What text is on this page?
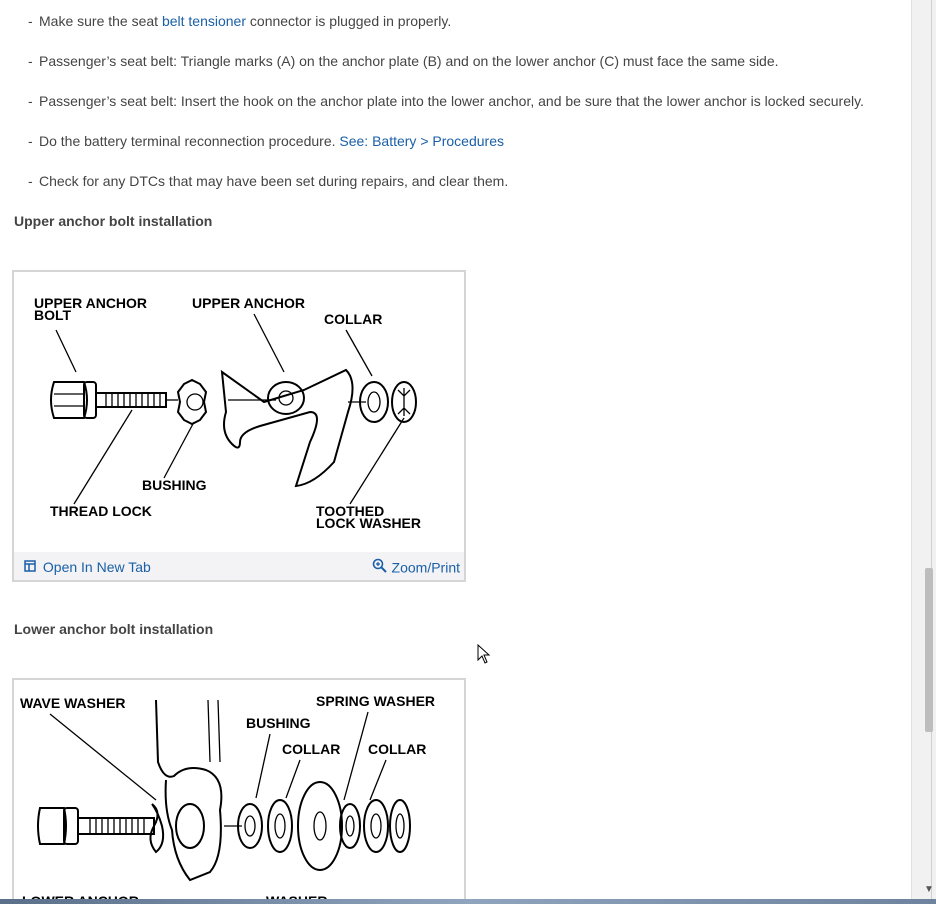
- Make sure the seat belt tensioner connector is plugged in properly.
- Passenger’s seat belt: Triangle marks (A) on the anchor plate (B) and on the lower anchor (C) must face the same side.
- Passenger’s seat belt: Insert the hook on the anchor plate into the lower anchor, and be sure that the lower anchor is locked securely.
- Do the battery terminal reconnection procedure. See: Battery > Procedures
- Check for any DTCs that may have been set during repairs, and clear them.
Upper anchor bolt installation
UPPER ANCHOR
BOLT
UPPER ANCHOR
COLLAR
BUSHING
THREAD LOCK	TOOTHED
LOCK WASHER
Open In New Tab	Zoom/Print
Lower anchor bolt installation
WAVE WASHER	SPRING WASHER
BUSHING
COLLAR COLLAR
▼
